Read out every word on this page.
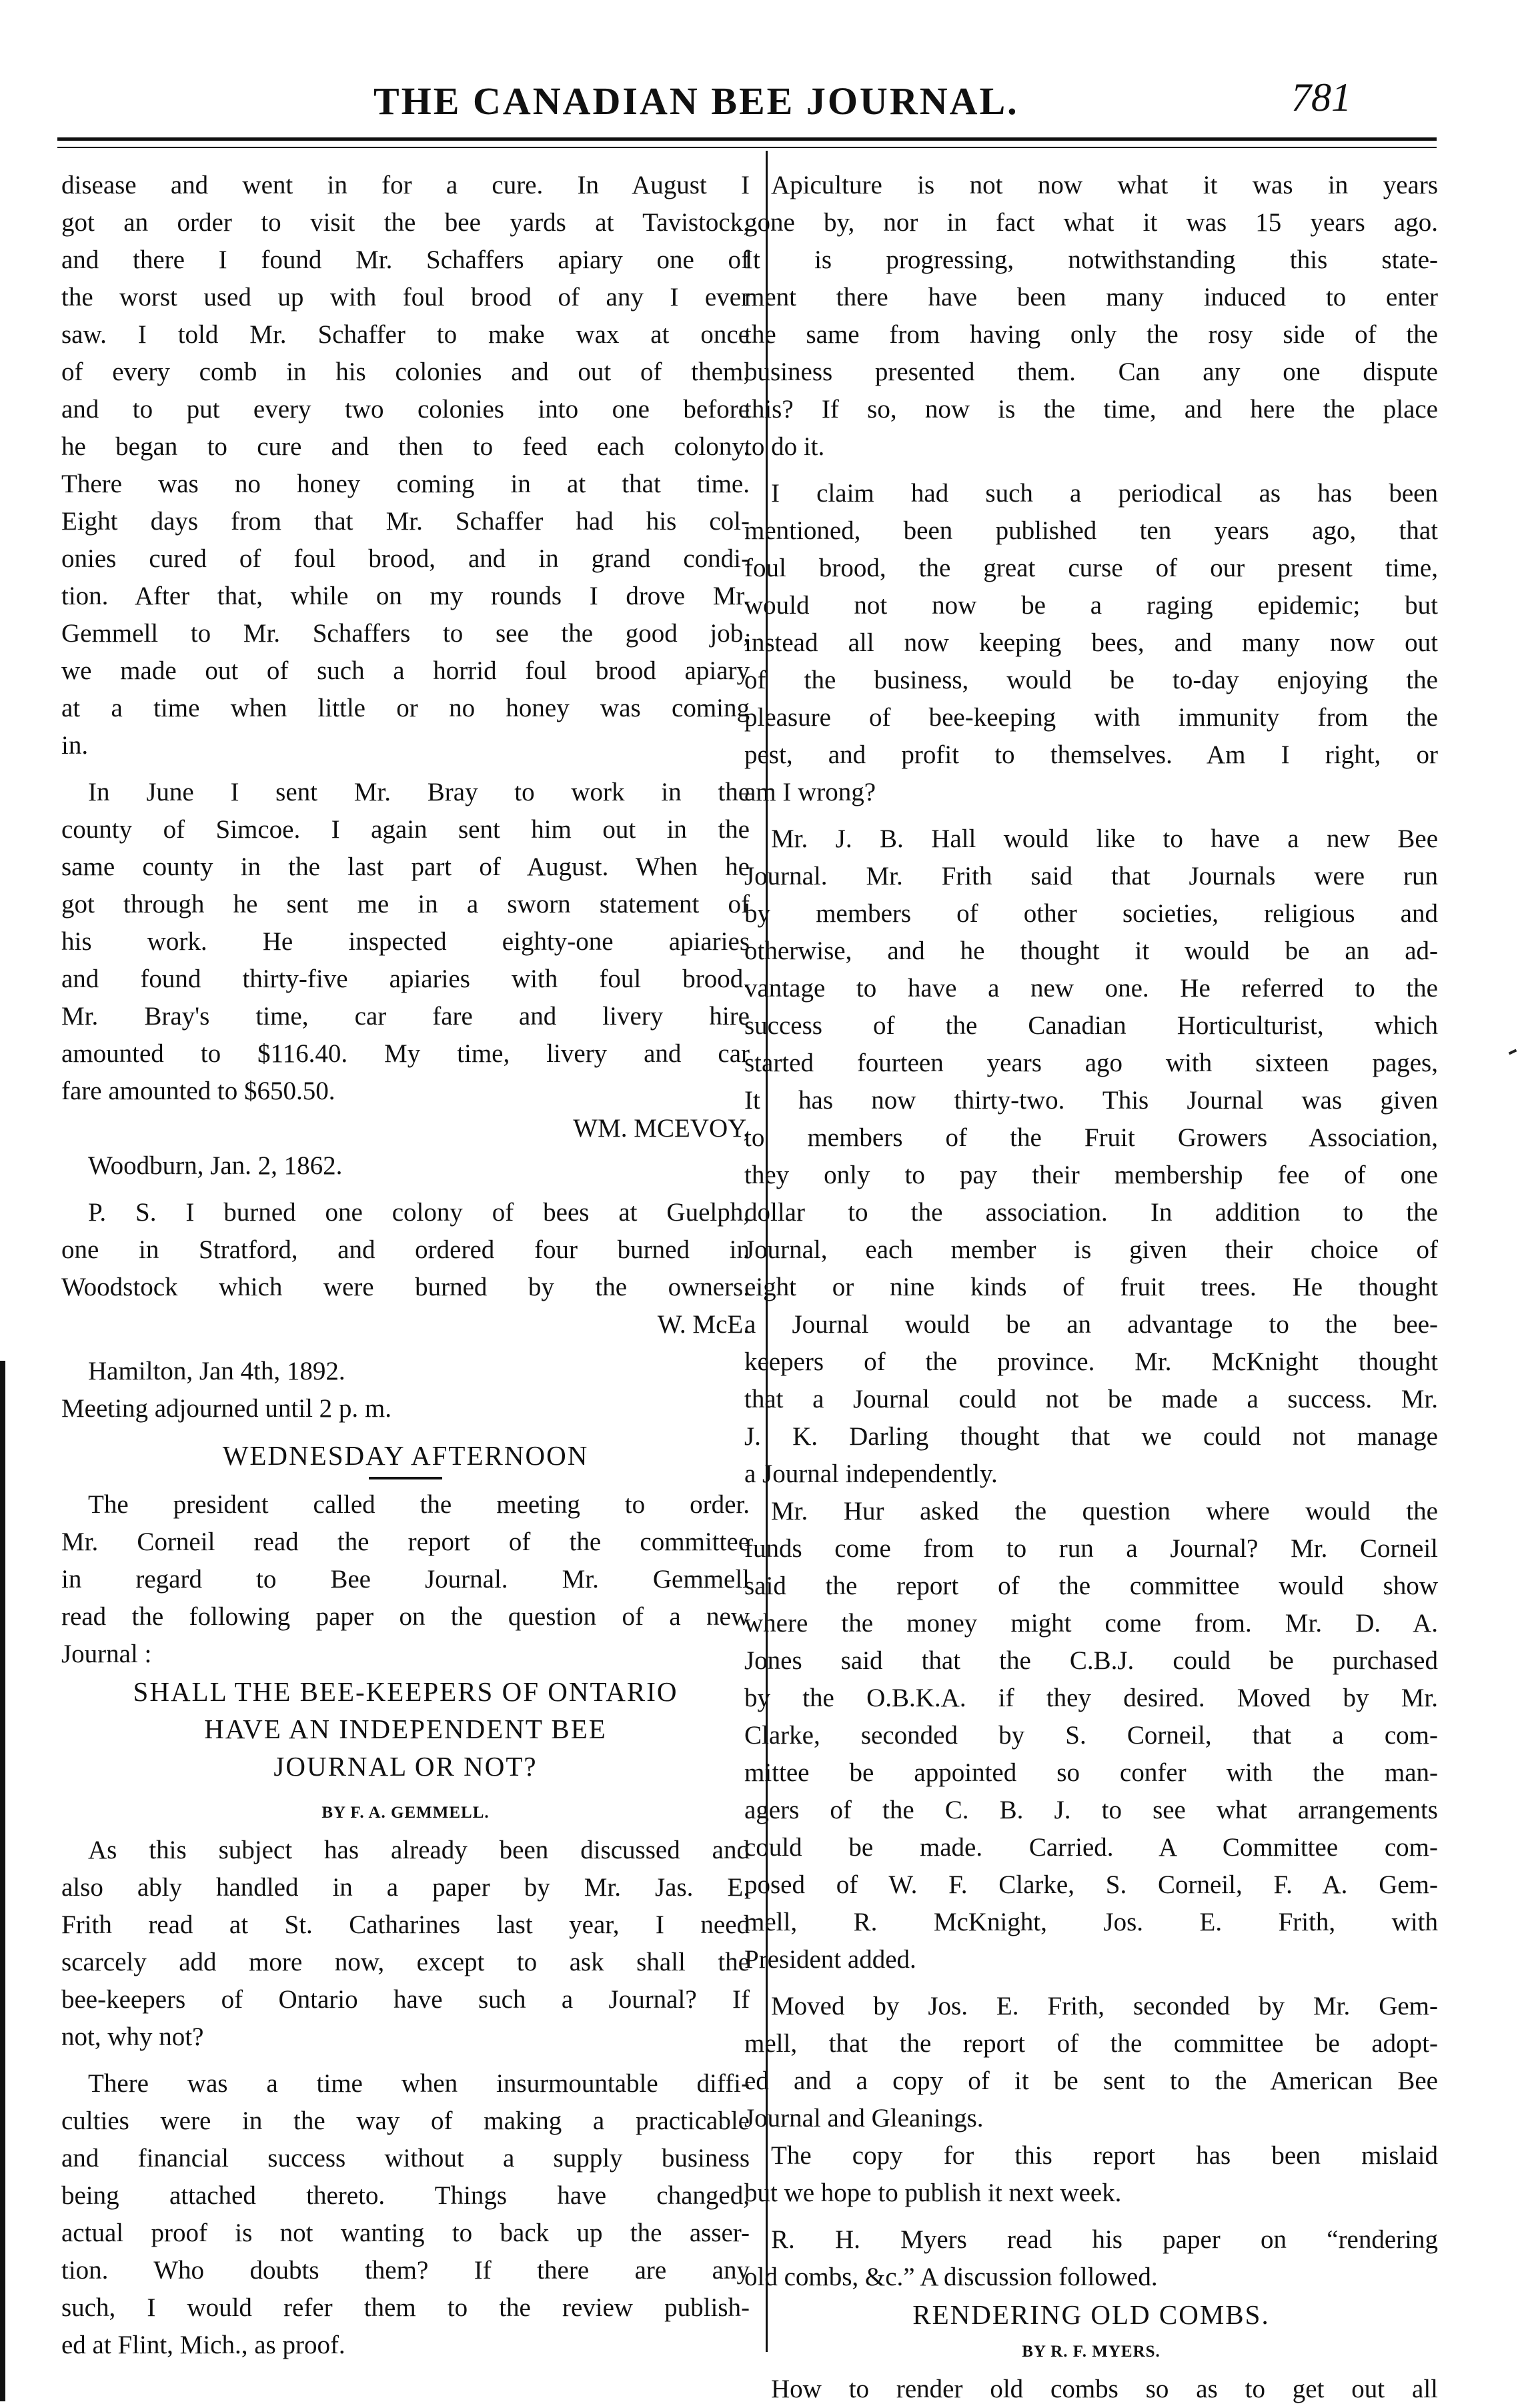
THE CANADIAN BEE JOURNAL.	781
disease and went in for a cure. In August I
got an order to visit the bee yards at Tavistock,
and there I found Mr. Schaffers apiary one of
the worst used up with foul brood of any I ever
saw. I told Mr. Schaffer to make wax at once
of every comb in his colonies and out of them,
and to put every two colonies into one before
he began to cure and then to feed each colony.
There was no honey coming in at that time.
Eight days from that Mr. Schaffer had his col-
onies cured of foul brood, and in grand condi-
tion. After that, while on my rounds I drove Mr.
Gemmell to Mr. Schaffers to see the good job,
we made out of such a horrid foul brood apiary
at a time when little or no honey was coming
in.
In June I sent Mr. Bray to work in the
county of Simcoe. I again sent him out in the
same county in the last part of August. When he
got through he sent me in a sworn statement of
his work. He inspected eighty-one apiaries
and found thirty-five apiaries with foul brood.
Mr. Bray's time, car fare and livery hire
amounted to $116.40. My time, livery and car
fare amounted to $650.50.
WM. MCEVOY,
Woodburn, Jan. 2, 1862.
P. S. I burned one colony of bees at Guelph,
one in Stratford, and ordered four burned in
Woodstock which were burned by the owners.
W. McE.
Hamilton, Jan 4th, 1892.
Meeting adjourned until 2 p. m.
WEDNESDAY AFTERNOON
The president called the meeting to order.
Mr. Corneil read the report of the committee
in regard to Bee Journal. Mr. Gemmell
read the following paper on the question of a new
Journal :
SHALL THE BEE-KEEPERS OF ONTARIO
HAVE AN INDEPENDENT BEE
JOURNAL OR NOT?
BY F. A. GEMMELL.
As this subject has already been discussed and
also ably handled in a paper by Mr. Jas. E.
Frith read at St. Catharines last year, I need
scarcely add more now, except to ask shall the
bee-keepers of Ontario have such a Journal? If
not, why not?
There was a time when insurmountable diffi-
culties were in the way of making a practicable
and financial success without a supply business
being attached thereto. Things have changed,
actual proof is not wanting to back up the asser-
tion. Who doubts them? If there are any
such, I would refer them to the review publish-
ed at Flint, Mich., as proof.
Apiculture is not now what it was in years
gone by, nor in fact what it was 15 years ago.
It is progressing, notwithstanding this state-
ment there have been many induced to enter
the same from having only the rosy side of the
business presented them. Can any one dispute
this? If so, now is the time, and here the place
to do it.
I claim had such a periodical as has been
mentioned, been published ten years ago, that
foul brood, the great curse of our present time,
would not now be a raging epidemic; but
instead all now keeping bees, and many now out
of the business, would be to-day enjoying the
pleasure of bee-keeping with immunity from the
pest, and profit to themselves. Am I right, or
am I wrong?
Mr. J. B. Hall would like to have a new Bee
Journal. Mr. Frith said that Journals were run
by members of other societies, religious and
otherwise, and he thought it would be an ad-
vantage to have a new one. He referred to the
success of the Canadian Horticulturist, which
started fourteen years ago with sixteen pages,
It has now thirty-two. This Journal was given
to members of the Fruit Growers Association,
they only to pay their membership fee of one
dollar to the association. In addition to the
Journal, each member is given their choice of
eight or nine kinds of fruit trees. He thought
a Journal would be an advantage to the bee-
keepers of the province. Mr. McKnight thought
that a Journal could not be made a success. Mr.
J. K. Darling thought that we could not manage
a Journal independently.
Mr. Hur asked the question where would the
funds come from to run a Journal? Mr. Corneil
said the report of the committee would show
where the money might come from. Mr. D. A.
Jones said that the C.B.J. could be purchased
by the O.B.K.A. if they desired. Moved by Mr.
Clarke, seconded by S. Corneil, that a com-
mittee be appointed so confer with the man-
agers of the C. B. J. to see what arrangements
could be made. Carried. A Committee com-
posed of W. F. Clarke, S. Corneil, F. A. Gem-
mell, R. McKnight, Jos. E. Frith, with
President added.
Moved by Jos. E. Frith, seconded by Mr. Gem-
mell, that the report of the committee be adopt-
ed and a copy of it be sent to the American Bee
Journal and Gleanings.
The copy for this report has been mislaid
but we hope to publish it next week.
R. H. Myers read his paper on “rendering
old combs, &c.” A discussion followed.
RENDERING OLD COMBS.
BY R. F. MYERS.
How to render old combs so as to get out all
